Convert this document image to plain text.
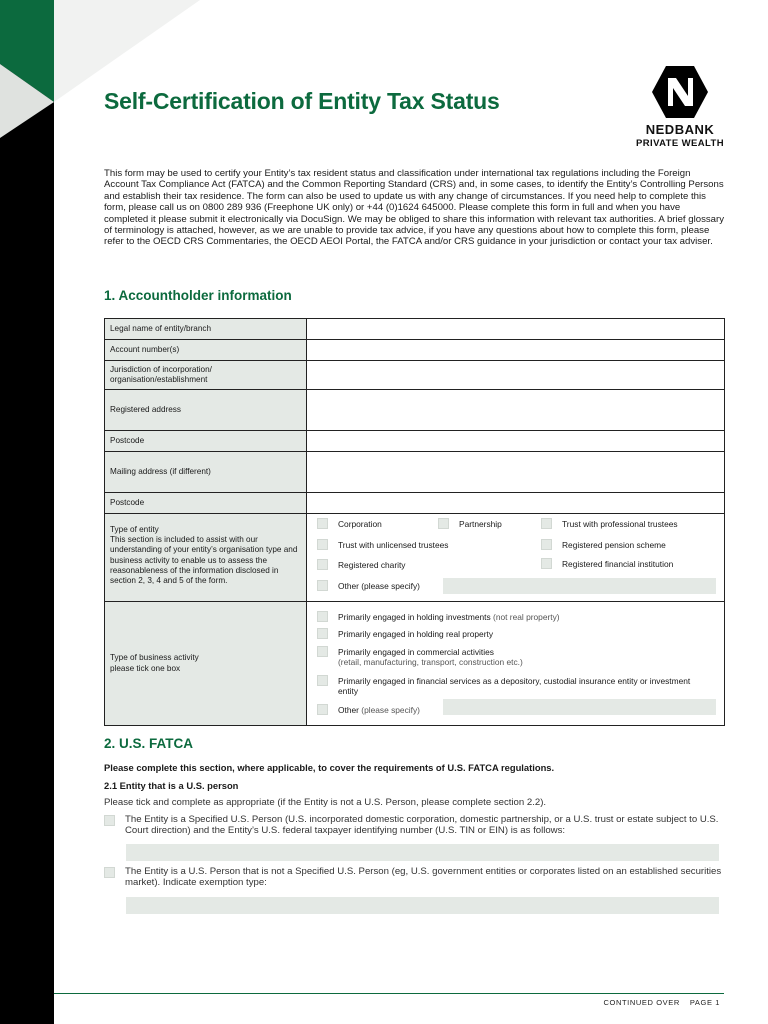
Self-Certification of Entity Tax Status
NEDBANK
PRIVATE WEALTH

This form may be used to certify your Entity’s tax resident status and classification under international tax regulations including the Foreign Account Tax Compliance Act (FATCA) and the Common Reporting Standard (CRS) and, in some cases, to identify the Entity’s Controlling Persons and establish their tax residence. The form can also be used to update us with any change of circumstances. If you need help to complete this form, please call us on 0800 289 936 (Freephone UK only) or +44 (0)1624 645000. Please complete this form in full and when you have completed it please submit it electronically via DocuSign. We may be obliged to share this information with relevant tax authorities. A brief glossary of terminology is attached, however, as we are unable to provide tax advice, if you have any questions about how to complete this form, please refer to the OECD CRS Commentaries, the OECD AEOI Portal, the FATCA and/or CRS guidance in your jurisdiction or contact your tax adviser.

1. Accountholder information
Legal name of entity/branch
Account number(s)
Jurisdiction of incorporation/ organisation/establishment
Registered address
Postcode
Mailing address (if different)
Postcode
Type of entity
This section is included to assist with our understanding of your entity’s organisation type and business activity to enable us to assess the reasonableness of the information disclosed in section 2, 3, 4 and 5 of the form.
Corporation	Partnership	Trust with professional trustees
Trust with unlicensed trustees	Registered pension scheme
Registered charity	Registered financial institution
Other (please specify)
Type of business activity
please tick one box
Primarily engaged in holding investments (not real property)
Primarily engaged in holding real property
Primarily engaged in commercial activities
(retail, manufacturing, transport, construction etc.)
Primarily engaged in financial services as a depository, custodial insurance entity or investment entity
Other (please specify)
2. U.S. FATCA
Please complete this section, where applicable, to cover the requirements of U.S. FATCA regulations.
2.1 Entity that is a U.S. person
Please tick and complete as appropriate (if the Entity is not a U.S. Person, please complete section 2.2).
The Entity is a Specified U.S. Person (U.S. incorporated domestic corporation, domestic partnership, or a U.S. trust or estate subject to U.S. Court direction) and the Entity’s U.S. federal taxpayer identifying number (U.S. TIN or EIN) is as follows:
The Entity is a U.S. Person that is not a Specified U.S. Person (eg, U.S. government entities or corporates listed on an established securities market). Indicate exemption type:
CONTINUED OVER PAGE 1
